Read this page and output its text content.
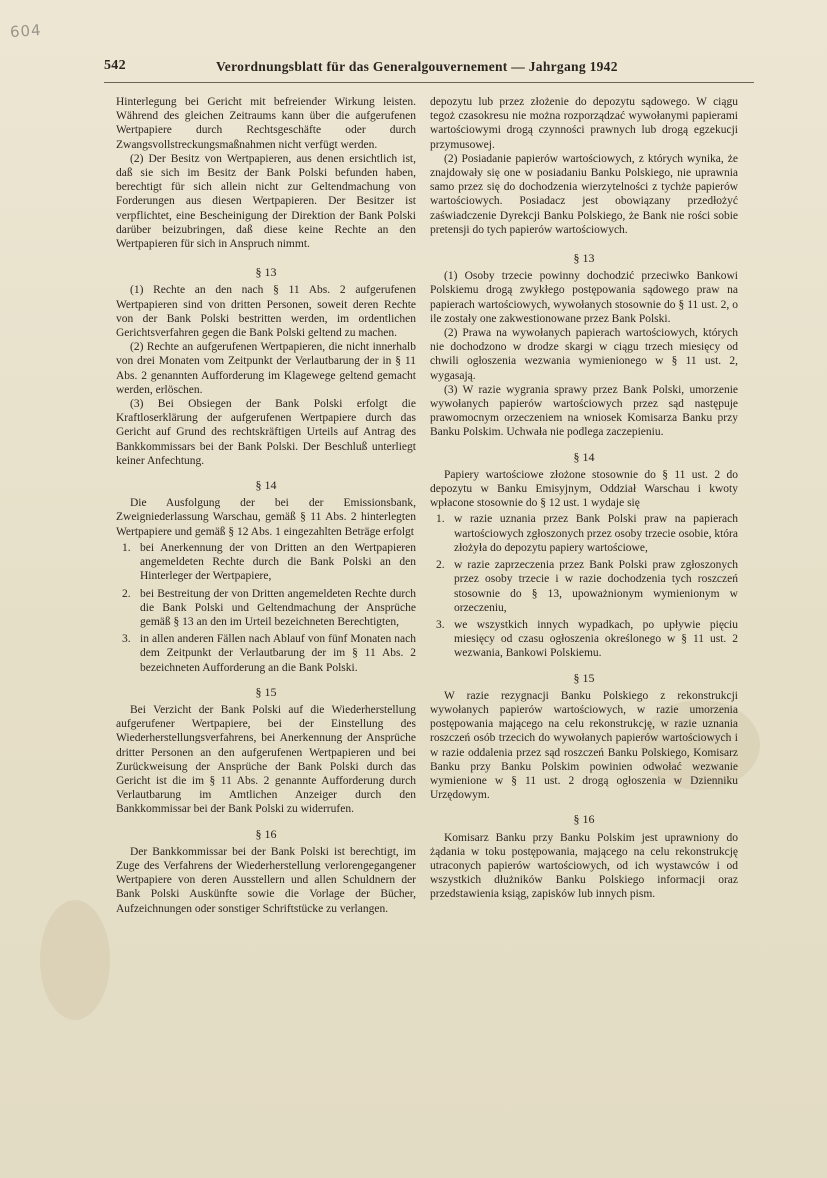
604
542	Verordnungsblatt für das Generalgouvernement — Jahrgang 1942

Hinterlegung bei Gericht mit befreiender Wirkung leisten. Während des gleichen Zeitraums kann über die aufgerufenen Wertpapiere durch Rechtsgeschäfte oder durch Zwangsvollstreckungsmaßnahmen nicht verfügt werden.

(2) Der Besitz von Wertpapieren, aus denen ersichtlich ist, daß sie sich im Besitz der Bank Polski befunden haben, berechtigt für sich allein nicht zur Geltendmachung von Forderungen aus diesen Wertpapieren. Der Besitzer ist verpflichtet, eine Bescheinigung der Direktion der Bank Polski darüber beizubringen, daß diese keine Rechte an den Wertpapieren für sich in Anspruch nimmt.

§ 13

(1) Rechte an den nach § 11 Abs. 2 aufgerufenen Wertpapieren sind von dritten Personen, soweit deren Rechte von der Bank Polski bestritten werden, im ordentlichen Gerichtsverfahren gegen die Bank Polski geltend zu machen.

(2) Rechte an aufgerufenen Wertpapieren, die nicht innerhalb von drei Monaten vom Zeitpunkt der Verlautbarung der in § 11 Abs. 2 genannten Aufforderung im Klagewege geltend gemacht werden, erlöschen.

(3) Bei Obsiegen der Bank Polski erfolgt die Kraftloserklärung der aufgerufenen Wertpapiere durch das Gericht auf Grund des rechtskräftigen Urteils auf Antrag des Bankkommissars bei der Bank Polski. Der Beschluß unterliegt keiner Anfechtung.

§ 14

Die Ausfolgung der bei der Emissionsbank, Zweigniederlassung Warschau, gemäß § 11 Abs. 2 hinterlegten Wertpapiere und gemäß § 12 Abs. 1 eingezahlten Beträge erfolgt

1. bei Anerkennung der von Dritten an den Wertpapieren angemeldeten Rechte durch die Bank Polski an den Hinterleger der Wertpapiere,
2. bei Bestreitung der von Dritten angemeldeten Rechte durch die Bank Polski und Geltendmachung der Ansprüche gemäß § 13 an den im Urteil bezeichneten Berechtigten,
3. in allen anderen Fällen nach Ablauf von fünf Monaten nach dem Zeitpunkt der Verlautbarung der im § 11 Abs. 2 bezeichneten Aufforderung an die Bank Polski.
§ 15

Bei Verzicht der Bank Polski auf die Wiederherstellung aufgerufener Wertpapiere, bei der Einstellung des Wiederherstellungsverfahrens, bei Anerkennung der Ansprüche dritter Personen an den aufgerufenen Wertpapieren und bei Zurückweisung der Ansprüche der Bank Polski durch das Gericht ist die im § 11 Abs. 2 genannte Aufforderung durch Verlautbarung im Amtlichen Anzeiger durch den Bankkommissar bei der Bank Polski zu widerrufen.

§ 16

Der Bankkommissar bei der Bank Polski ist berechtigt, im Zuge des Verfahrens der Wiederherstellung verlorengegangener Wertpapiere von deren Ausstellern und allen Schuldnern der Bank Polski Auskünfte sowie die Vorlage der Bücher, Aufzeichnungen oder sonstiger Schriftstücke zu verlangen.

depozytu lub przez złożenie do depozytu sądowego. W ciągu tegoż czasokresu nie można rozporządzać wywołanymi papierami wartościowymi drogą czynności prawnych lub drogą egzekucji przymusowej.

(2) Posiadanie papierów wartościowych, z których wynika, że znajdowały się one w posiadaniu Banku Polskiego, nie uprawnia samo przez się do dochodzenia wierzytelności z tychże papierów wartościowych. Posiadacz jest obowiązany przedłożyć zaświadczenie Dyrekcji Banku Polskiego, że Bank nie rości sobie pretensji do tych papierów wartościowych.

§ 13

(1) Osoby trzecie powinny dochodzić przeciwko Bankowi Polskiemu drogą zwykłego postępowania sądowego praw na papierach wartościowych, wywołanych stosownie do § 11 ust. 2, o ile zostały one zakwestionowane przez Bank Polski.

(2) Prawa na wywołanych papierach wartościowych, których nie dochodzono w drodze skargi w ciągu trzech miesięcy od chwili ogłoszenia wezwania wymienionego w § 11 ust. 2, wygasają.

(3) W razie wygrania sprawy przez Bank Polski, umorzenie wywołanych papierów wartościowych przez sąd następuje prawomocnym orzeczeniem na wniosek Komisarza Banku przy Banku Polskim. Uchwała nie podlega zaczepieniu.

§ 14

Papiery wartościowe złożone stosownie do § 11 ust. 2 do depozytu w Banku Emisyjnym, Oddział Warschau i kwoty wpłacone stosownie do § 12 ust. 1 wydaje się

1. w razie uznania przez Bank Polski praw na papierach wartościowych zgłoszonych przez osoby trzecie osobie, która złożyła do depozytu papiery wartościowe,
2. w razie zaprzeczenia przez Bank Polski praw zgłoszonych przez osoby trzecie i w razie dochodzenia tych roszczeń stosownie do § 13, upoważnionym wymienionym w orzeczeniu,
3. we wszystkich innych wypadkach, po upływie pięciu miesięcy od czasu ogłoszenia określonego w § 11 ust. 2 wezwania, Bankowi Polskiemu.
§ 15

W razie rezygnacji Banku Polskiego z rekonstrukcji wywołanych papierów wartościowych, w razie umorzenia postępowania mającego na celu rekonstrukcję, w razie uznania roszczeń osób trzecich do wywołanych papierów wartościowych i w razie oddalenia przez sąd roszczeń Banku Polskiego, Komisarz Banku przy Banku Polskim powinien odwołać wezwanie wymienione w § 11 ust. 2 drogą ogłoszenia w Dzienniku Urzędowym.

§ 16

Komisarz Banku przy Banku Polskim jest uprawniony do żądania w toku postępowania, mającego na celu rekonstrukcję utraconych papierów wartościowych, od ich wystawców i od wszystkich dłużników Banku Polskiego informacji oraz przedstawienia ksiąg, zapisków lub innych pism.
